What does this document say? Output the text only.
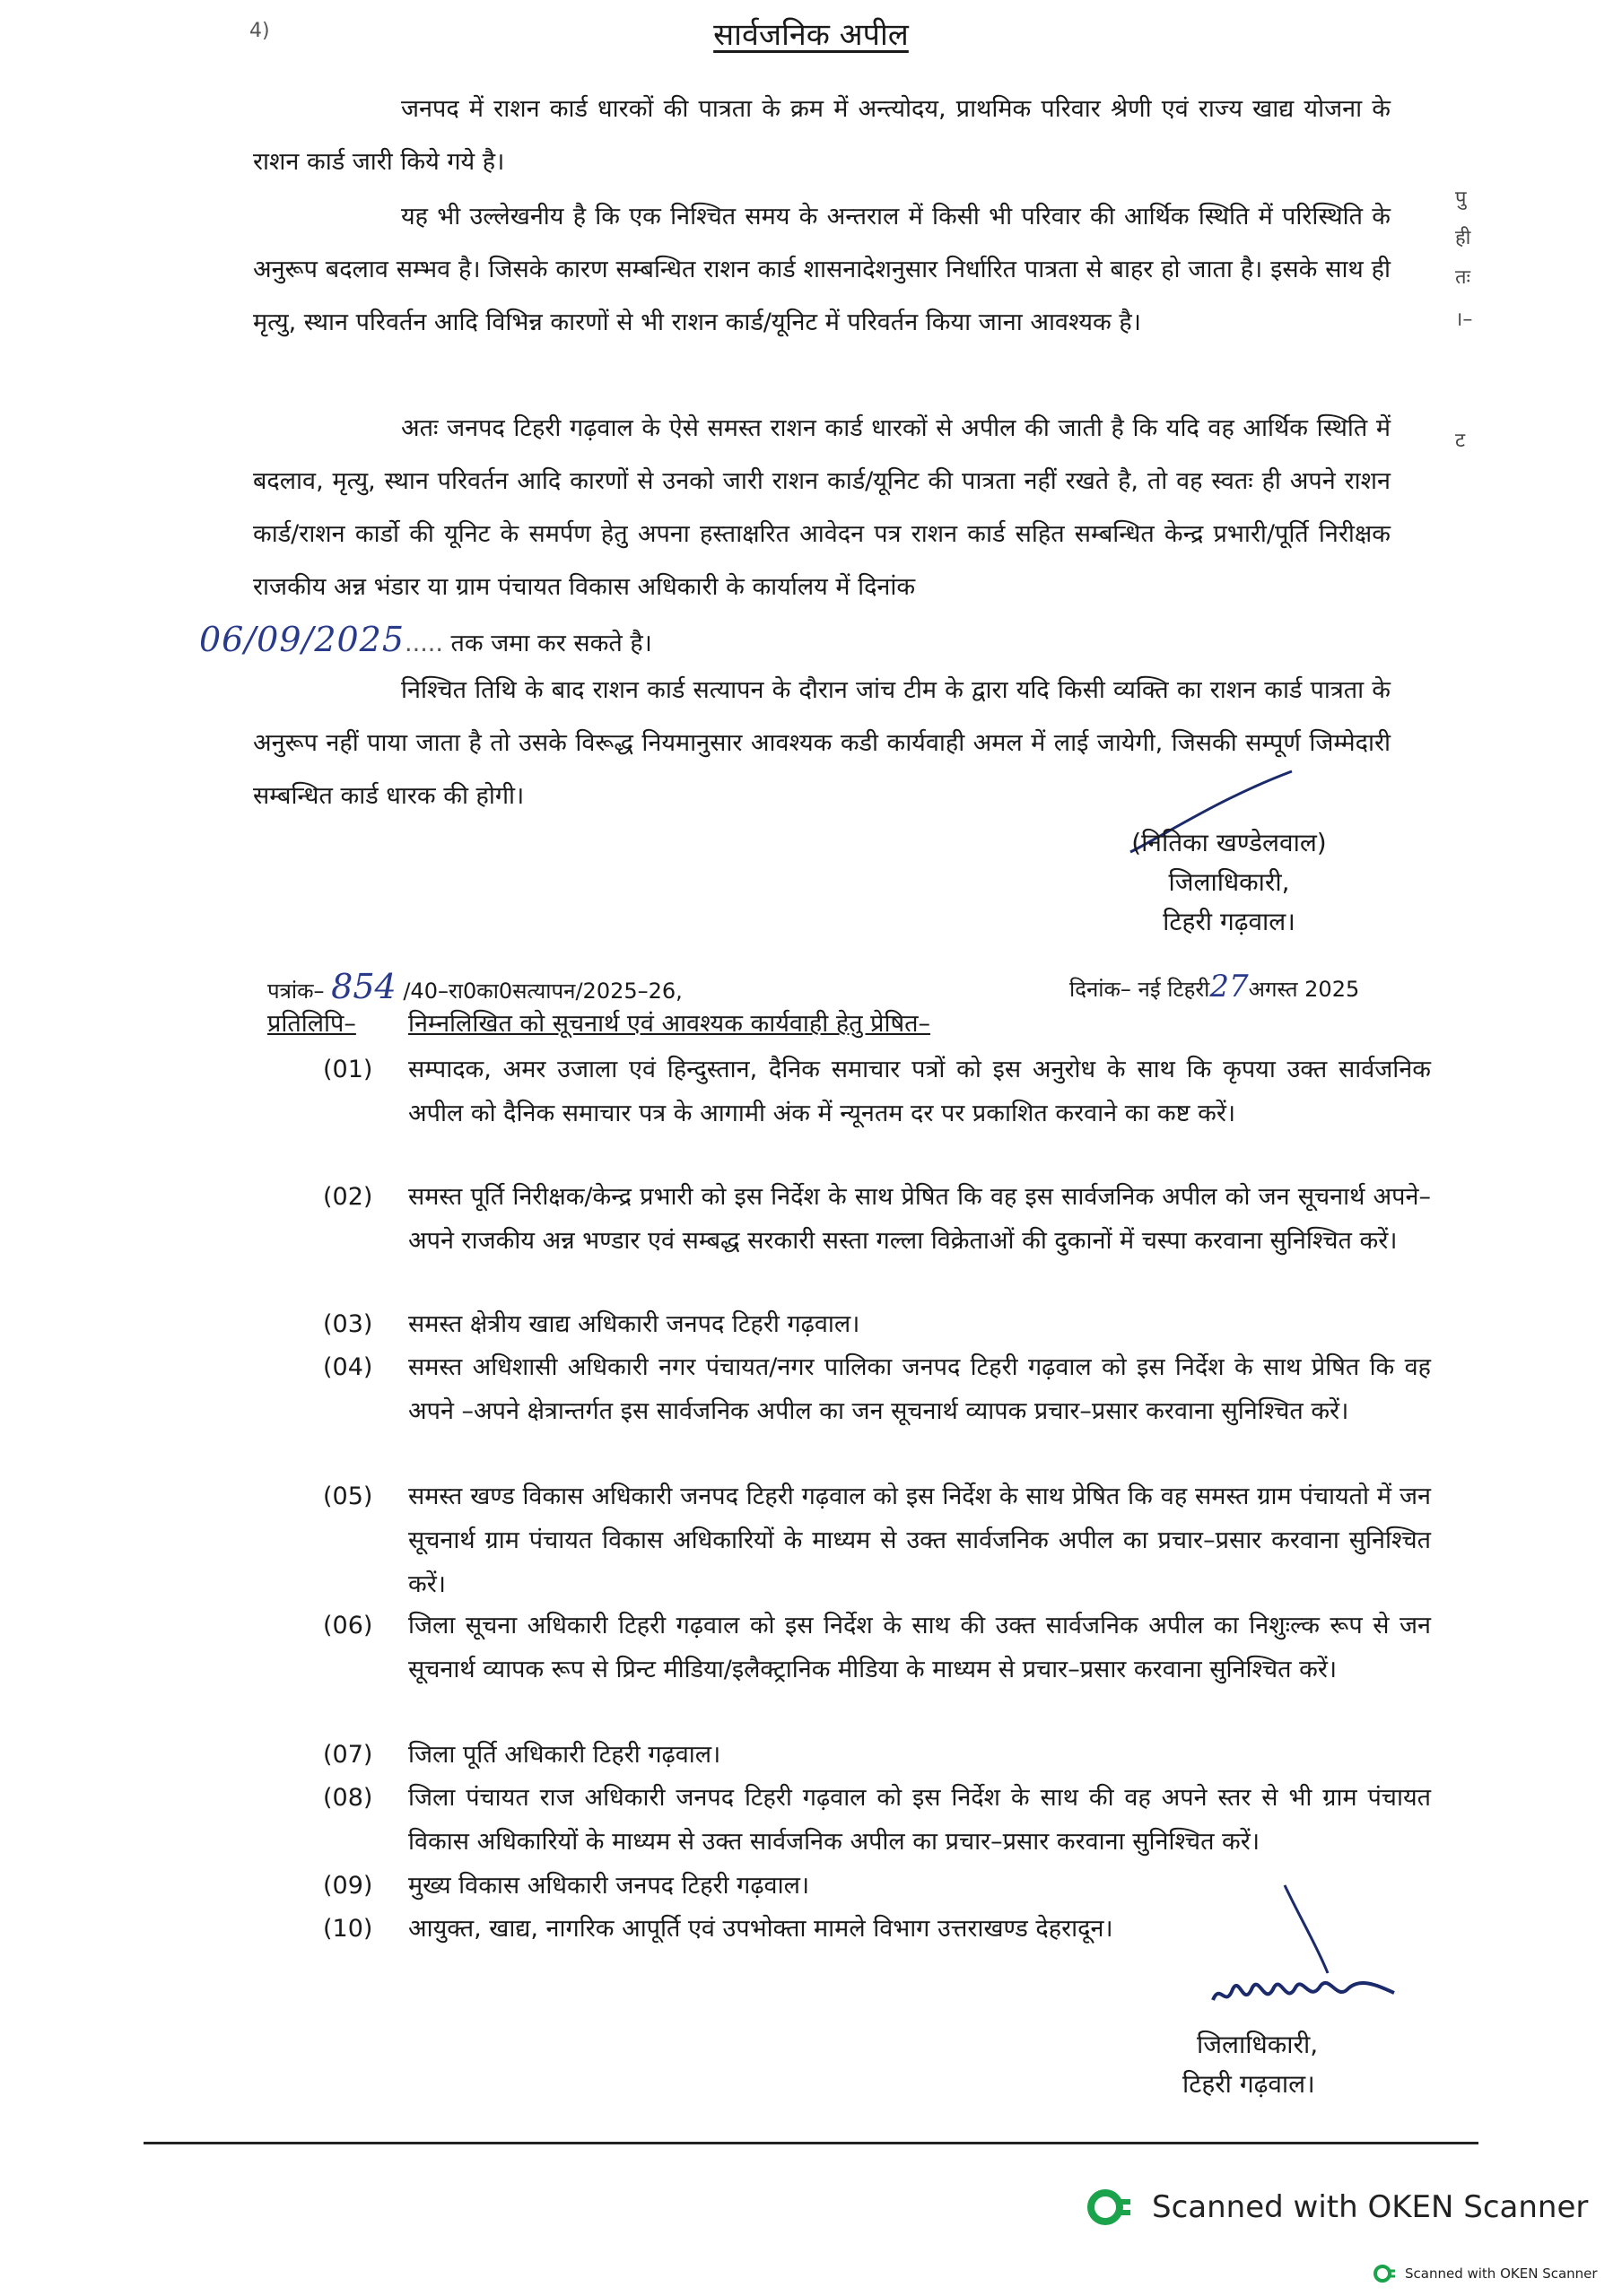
4)	सार्वजनिक अपील
पु
ही
तः
।–
ट

जनपद में राशन कार्ड धारकों की पात्रता के क्रम में अन्त्योदय, प्राथमिक परिवार श्रेणी एवं राज्य खाद्य योजना के राशन कार्ड जारी किये गये है।

यह भी उल्लेखनीय है कि एक निश्चित समय के अन्तराल में किसी भी परिवार की आर्थिक स्थिति में परिस्थिति के अनुरूप बदलाव सम्भव है। जिसके कारण सम्बन्धित राशन कार्ड शासनादेशनुसार निर्धारित पात्रता से बाहर हो जाता है। इसके साथ ही मृत्यु, स्थान परिवर्तन आदि विभिन्न कारणों से भी राशन कार्ड/यूनिट में परिवर्तन किया जाना आवश्यक है।

अतः जनपद टिहरी गढ़वाल के ऐसे समस्त राशन कार्ड धारकों से अपील की जाती है कि यदि वह आर्थिक स्थिति में बदलाव, मृत्यु, स्थान परिवर्तन आदि कारणों से उनको जारी राशन कार्ड/यूनिट की पात्रता नहीं रखते है, तो वह स्वतः ही अपने राशन कार्ड/राशन कार्डो की यूनिट के समर्पण हेतु अपना हस्ताक्षरित आवेदन पत्र राशन कार्ड सहित सम्बन्धित केन्द्र प्रभारी/पूर्ति निरीक्षक राजकीय अन्न भंडार या ग्राम पंचायत विकास अधिकारी के कार्यालय में दिनांक

06/09/2025..... तक जमा कर सकते है।

निश्चित तिथि के बाद राशन कार्ड सत्यापन के दौरान जांच टीम के द्वारा यदि किसी व्यक्ति का राशन कार्ड पात्रता के अनुरूप नहीं पाया जाता है तो उसके विरूद्ध नियमानुसार आवश्यक कडी कार्यवाही अमल में लाई जायेगी, जिसकी सम्पूर्ण जिम्मेदारी सम्बन्धित कार्ड धारक की होगी।

(नितिका खण्डेलवाल)
जिलाधिकारी,
टिहरी गढ़वाल।
पत्रांक– 854 /40–रा0का0सत्यापन/2025–26,	दिनांक– नई टिहरी27अगस्त 2025
प्रतिलिपि– निम्नलिखित को सूचनार्थ एवं आवश्यक कार्यवाही हेतु प्रेषित–
(01)	सम्पादक, अमर उजाला एवं हिन्दुस्तान, दैनिक समाचार पत्रों को इस अनुरोध के साथ कि कृपया उक्त सार्वजनिक अपील को दैनिक समाचार पत्र के आगामी अंक में न्यूनतम दर पर प्रकाशित करवाने का कष्ट करें।
(02)	समस्त पूर्ति निरीक्षक/केन्द्र प्रभारी को इस निर्देश के साथ प्रेषित कि वह इस सार्वजनिक अपील को जन सूचनार्थ अपने–अपने राजकीय अन्न भण्डार एवं सम्बद्ध सरकारी सस्ता गल्ला विक्रेताओं की दुकानों में चस्पा करवाना सुनिश्चित करें।
(03)	समस्त क्षेत्रीय खाद्य अधिकारी जनपद टिहरी गढ़वाल।
(04)	समस्त अधिशासी अधिकारी नगर पंचायत/नगर पालिका जनपद टिहरी गढ़वाल को इस निर्देश के साथ प्रेषित कि वह अपने –अपने क्षेत्रान्तर्गत इस सार्वजनिक अपील का जन सूचनार्थ व्यापक प्रचार–प्रसार करवाना सुनिश्चित करें।
(05)	समस्त खण्ड विकास अधिकारी जनपद टिहरी गढ़वाल को इस निर्देश के साथ प्रेषित कि वह समस्त ग्राम पंचायतो में जन सूचनार्थ ग्राम पंचायत विकास अधिकारियों के माध्यम से उक्त सार्वजनिक अपील का प्रचार–प्रसार करवाना सुनिश्चित करें।
(06)	जिला सूचना अधिकारी टिहरी गढ़वाल को इस निर्देश के साथ की उक्त सार्वजनिक अपील का निशुःल्क रूप से जन सूचनार्थ व्यापक रूप से प्रिन्ट मीडिया/इलैक्ट्रानिक मीडिया के माध्यम से प्रचार–प्रसार करवाना सुनिश्चित करें।
(07)	जिला पूर्ति अधिकारी टिहरी गढ़वाल।
(08)	जिला पंचायत राज अधिकारी जनपद टिहरी गढ़वाल को इस निर्देश के साथ की वह अपने स्तर से भी ग्राम पंचायत विकास अधिकारियों के माध्यम से उक्त सार्वजनिक अपील का प्रचार–प्रसार करवाना सुनिश्चित करें।
(09)	मुख्य विकास अधिकारी जनपद टिहरी गढ़वाल।
(10)	आयुक्त, खाद्य, नागरिक आपूर्ति एवं उपभोक्ता मामले विभाग उत्तराखण्ड देहरादून।
जिलाधिकारी,
टिहरी गढ़वाल।
Scanned with OKEN Scanner
Scanned with OKEN Scanner
